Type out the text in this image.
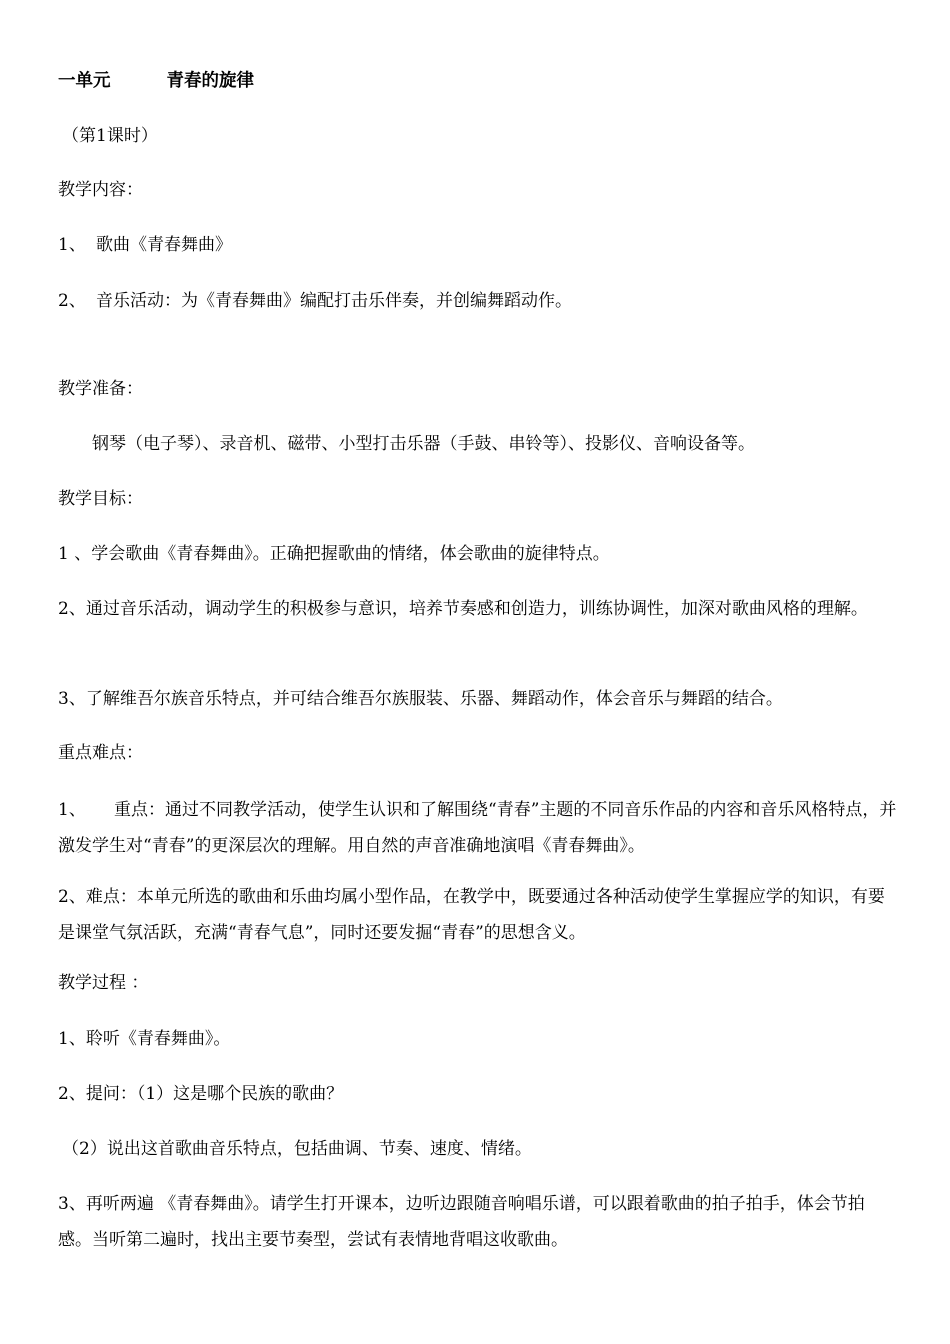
一单元	青春的旋律
（第1课时）
教学内容：
1、 歌曲《青春舞曲》
2、 音乐活动：为《青春舞曲》编配打击乐伴奏，并创编舞蹈动作。
教学准备：
钢琴（电子琴）、录音机、磁带、小型打击乐器（手鼓、串铃等）、投影仪、音响设备等。
教学目标：
1 、学会歌曲《青春舞曲》。正确把握歌曲的情绪，体会歌曲的旋律特点。
2、通过音乐活动，调动学生的积极参与意识，培养节奏感和创造力，训练协调性，加深对歌曲风格的理解。
3、了解维吾尔族音乐特点，并可结合维吾尔族服装、乐器、舞蹈动作，体会音乐与舞蹈的结合。
重点难点：
1、 重点：通过不同教学活动，使学生认识和了解围绕“青春”主题的不同音乐作品的内容和音乐风格特点，并激发学生对“青春”的更深层次的理解。用自然的声音准确地演唱《青春舞曲》。
2、难点：本单元所选的歌曲和乐曲均属小型作品，在教学中，既要通过各种活动使学生掌握应学的知识，有要是课堂气氛活跃，充满“青春气息”，同时还要发掘“青春”的思想含义。
教学过程 ：
1、聆听《青春舞曲》。
2、提问：（1）这是哪个民族的歌曲？
（2）说出这首歌曲音乐特点，包括曲调、节奏、速度、情绪。
3、再听两遍 《青春舞曲》。请学生打开课本，边听边跟随音响唱乐谱，可以跟着歌曲的拍子拍手，体会节拍感。当听第二遍时，找出主要节奏型，尝试有表情地背唱这收歌曲。
